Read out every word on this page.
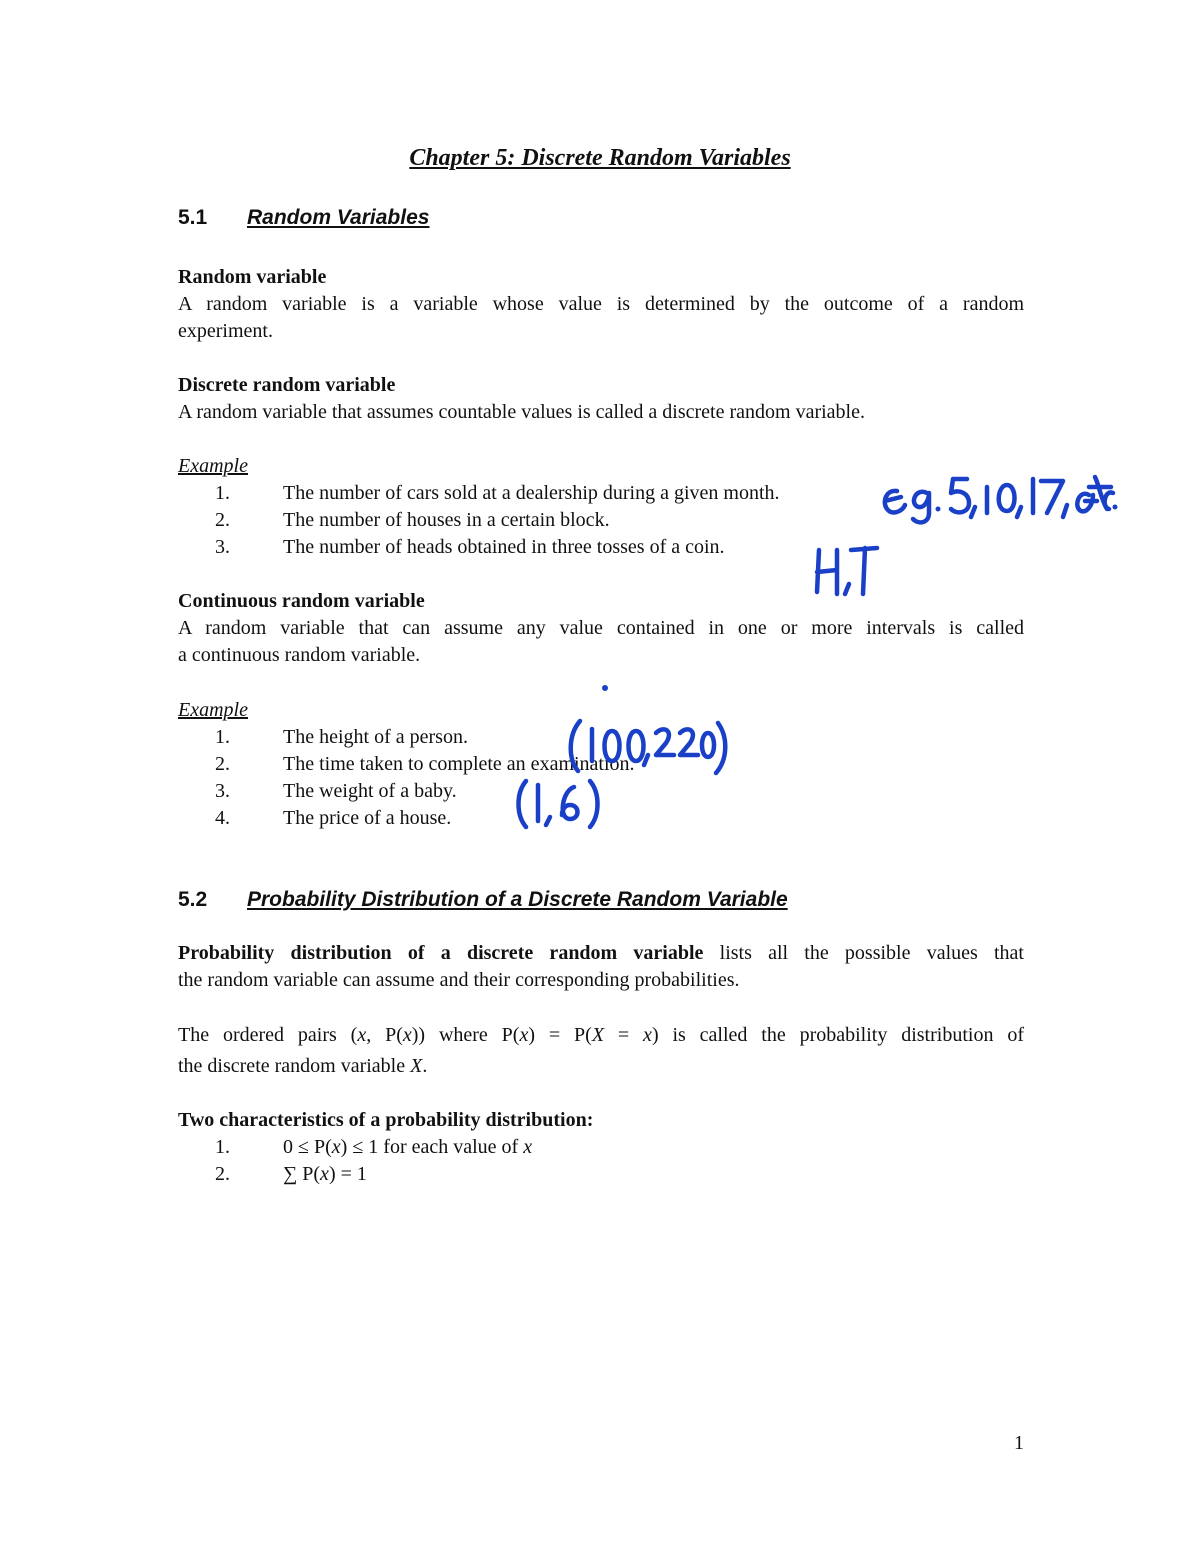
Chapter 5: Discrete Random Variables
5.1 Random Variables
Random variable
A random variable is a variable whose value is determined by the outcome of a random
experiment.
Discrete random variable
A random variable that assumes countable values is called a discrete random variable.
Example
1.	The number of cars sold at a dealership during a given month.
2.	The number of houses in a certain block.
3.	The number of heads obtained in three tosses of a coin.
Continuous random variable
A random variable that can assume any value contained in one or more intervals is called
a continuous random variable.
Example
1.	The height of a person.
2.	The time taken to complete an examination.
3.	The weight of a baby.
4.	The price of a house.
5.2 Probability Distribution of a Discrete Random Variable
Probability distribution of a discrete random variable lists all the possible values that
the random variable can assume and their corresponding probabilities.
The ordered pairs (x, P(x)) where P(x) = P(X = x) is called the probability distribution of
the discrete random variable X.
Two characteristics of a probability distribution:
1.	0 ≤ P(x) ≤ 1 for each value of x
2.	∑ P(x) = 1
1
